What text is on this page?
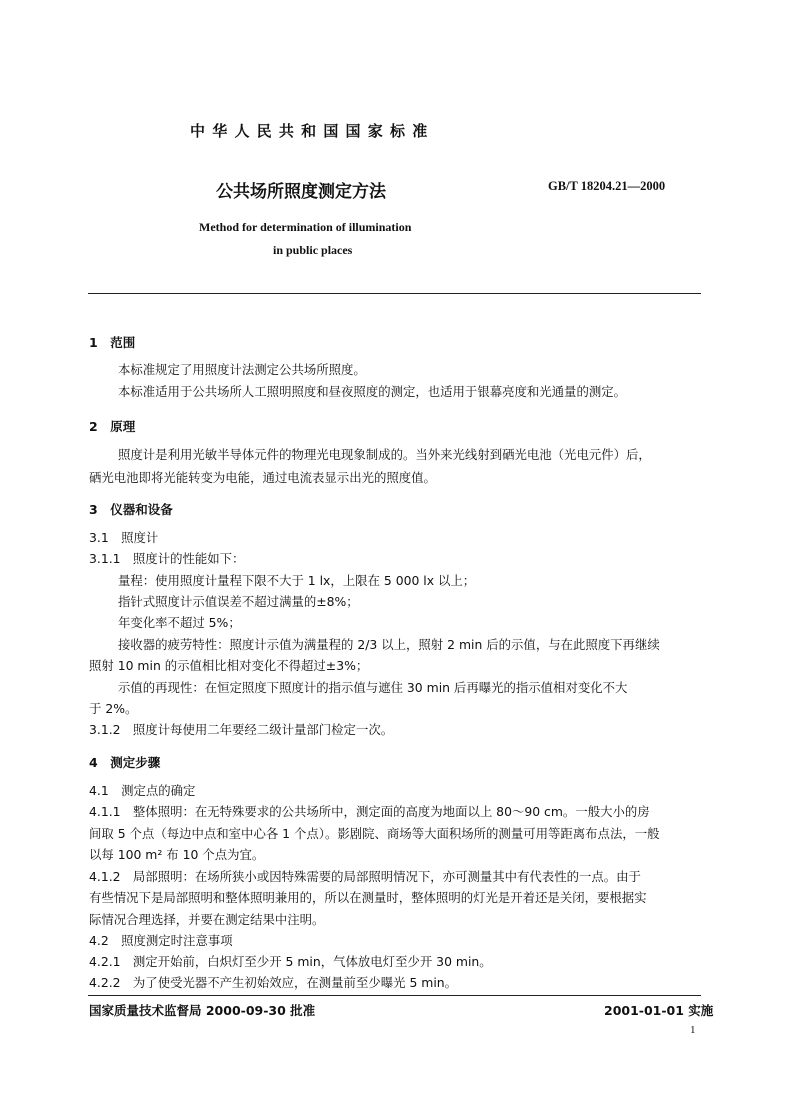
中 华 人 民 共 和 国 国 家 标 准
公共场所照度测定方法	GB/T 18204.21—2000
Method for determination of illumination
in public places
1　范围
本标准规定了用照度计法测定公共场所照度。
本标准适用于公共场所人工照明照度和昼夜照度的测定，也适用于银幕亮度和光通量的测定。
2　原理
照度计是利用光敏半导体元件的物理光电现象制成的。当外来光线射到硒光电池（光电元件）后，
硒光电池即将光能转变为电能，通过电流表显示出光的照度值。
3　仪器和设备
3.1　照度计
3.1.1　照度计的性能如下：
量程：使用照度计量程下限不大于 1 lx，上限在 5 000 lx 以上；
指针式照度计示值误差不超过满量的±8%；
年变化率不超过 5%；
接收器的疲劳特性：照度计示值为满量程的 2/3 以上，照射 2 min 后的示值，与在此照度下再继续
照射 10 min 的示值相比相对变化不得超过±3%；
示值的再现性：在恒定照度下照度计的指示值与遮住 30 min 后再曝光的指示值相对变化不大
于 2%。
3.1.2　照度计每使用二年要经二级计量部门检定一次。
4　测定步骤
4.1　测定点的确定
4.1.1　整体照明：在无特殊要求的公共场所中，测定面的高度为地面以上 80～90 cm。一般大小的房
间取 5 个点（每边中点和室中心各 1 个点）。影剧院、商场等大面积场所的测量可用等距离布点法，一般
以每 100 m² 布 10 个点为宜。
4.1.2　局部照明：在场所狭小或因特殊需要的局部照明情况下，亦可测量其中有代表性的一点。由于
有些情况下是局部照明和整体照明兼用的，所以在测量时，整体照明的灯光是开着还是关闭，要根据实
际情况合理选择，并要在测定结果中注明。
4.2　照度测定时注意事项
4.2.1　测定开始前，白炽灯至少开 5 min，气体放电灯至少开 30 min。
4.2.2　为了使受光器不产生初始效应，在测量前至少曝光 5 min。
国家质量技术监督局 2000-09-30 批准	2001-01-01 实施
1
